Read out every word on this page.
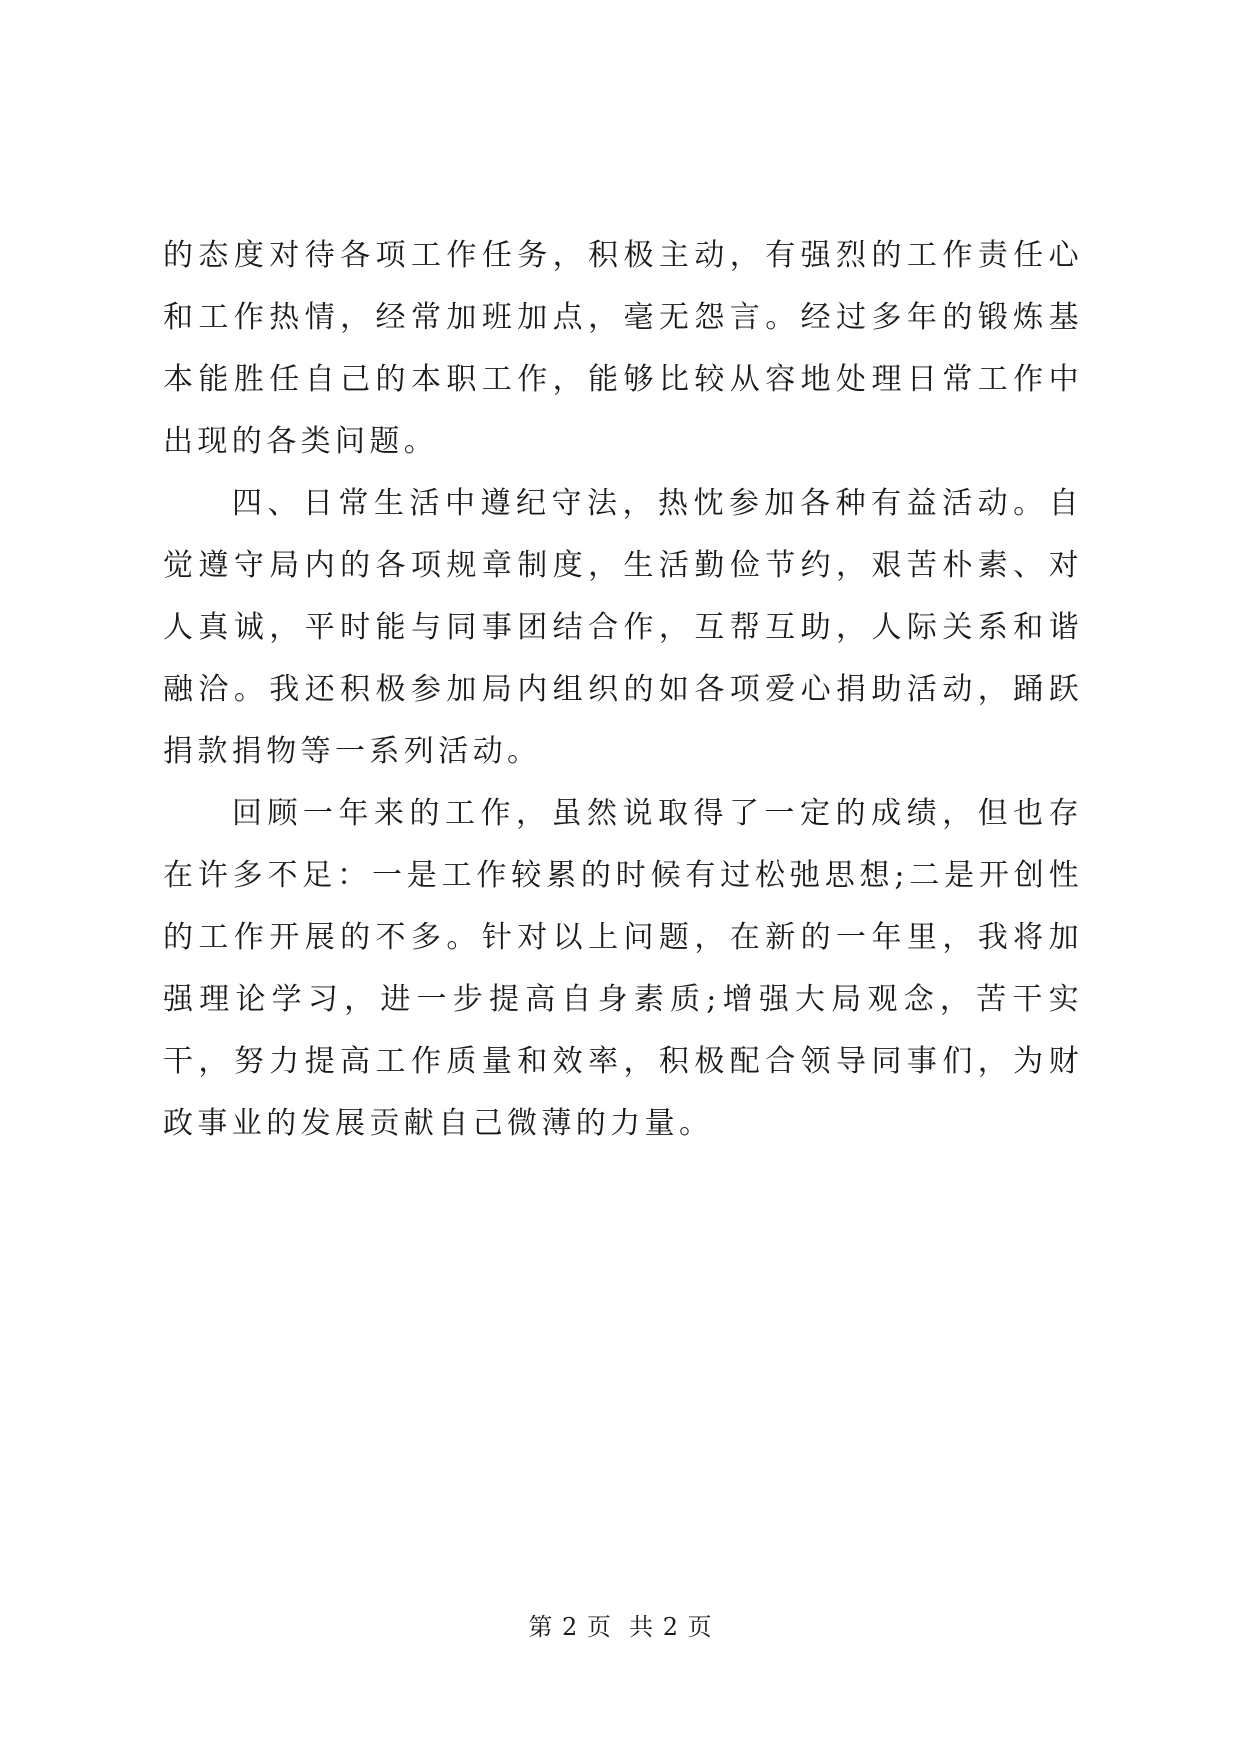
的态度对待各项工作任务，积极主动，有强烈的工作责任心和工作热情，经常加班加点，毫无怨言。经过多年的锻炼基本能胜任自己的本职工作，能够比较从容地处理日常工作中出现的各类问题。

四、日常生活中遵纪守法，热忱参加各种有益活动。自觉遵守局内的各项规章制度，生活勤俭节约，艰苦朴素、对人真诚，平时能与同事团结合作，互帮互助，人际关系和谐融洽。我还积极参加局内组织的如各项爱心捐助活动，踊跃捐款捐物等一系列活动。

回顾一年来的工作，虽然说取得了一定的成绩，但也存在许多不足：一是工作较累的时候有过松弛思想;二是开创性的工作开展的不多。针对以上问题，在新的一年里，我将加强理论学习，进一步提高自身素质;增强大局观念，苦干实干，努力提高工作质量和效率，积极配合领导同事们，为财政事业的发展贡献自己微薄的力量。

第 2 页  共 2 页
